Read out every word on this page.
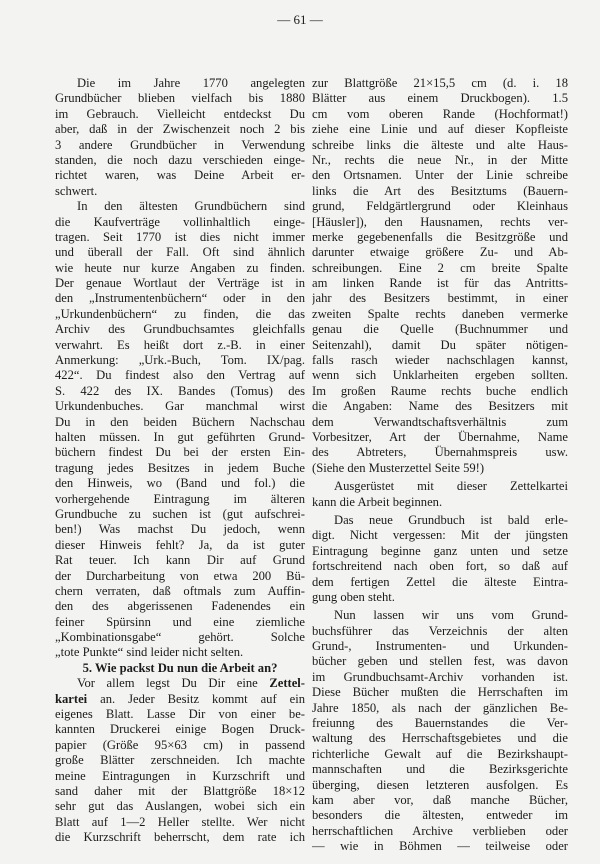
— 61 —
Die im Jahre 1770 angelegten
Grundbücher blieben vielfach bis 1880
im Gebrauch. Vielleicht entdeckst Du
aber, daß in der Zwischenzeit noch 2 bis
3 andere Grundbücher in Verwendung
standen, die noch dazu verschieden einge-
richtet waren, was Deine Arbeit er-
schwert.
In den ältesten Grundbüchern sind
die Kaufverträge vollinhaltlich einge-
tragen. Seit 1770 ist dies nicht immer
und überall der Fall. Oft sind ähnlich
wie heute nur kurze Angaben zu finden.
Der genaue Wortlaut der Verträge ist in
den „Instrumentenbüchern“ oder in den
„Urkundenbüchern“ zu finden, die das
Archiv des Grundbuchsamtes gleichfalls
verwahrt. Es heißt dort z.-B. in einer
Anmerkung: „Urk.-Buch, Tom. IX/pag.
422“. Du findest also den Vertrag auf
S. 422 des IX. Bandes (Tomus) des
Urkundenbuches. Gar manchmal wirst
Du in den beiden Büchern Nachschau
halten müssen. In gut geführten Grund-
büchern findest Du bei der ersten Ein-
tragung jedes Besitzes in jedem Buche
den Hinweis, wo (Band und fol.) die
vorhergehende Eintragung im älteren
Grundbuche zu suchen ist (gut aufschrei-
ben!) Was machst Du jedoch, wenn
dieser Hinweis fehlt? Ja, da ist guter
Rat teuer. Ich kann Dir auf Grund
der Durcharbeitung von etwa 200 Bü-
chern verraten, daß oftmals zum Auffin-
den des abgerissenen Fadenendes ein
feiner Spürsinn und eine ziemliche
„Kombinationsgabe“ gehört. Solche
„tote Punkte“ sind leider nicht selten.
5. Wie packst Du nun die Arbeit an?
Vor allem legst Du Dir eine Zettel-
kartei an. Jeder Besitz kommt auf ein
eigenes Blatt. Lasse Dir von einer be-
kannten Druckerei einige Bogen Druck-
papier (Größe 95×63 cm) in passend
große Blätter zerschneiden. Ich machte
meine Eintragungen in Kurzschrift und
sand daher mit der Blattgröße 18×12
sehr gut das Auslangen, wobei sich ein
Blatt auf 1—2 Heller stellte. Wer nicht
die Kurzschrift beherrscht, dem rate ich
zur Blattgröße 21×15,5 cm (d. i. 18
Blätter aus einem Druckbogen). 1.5
cm vom oberen Rande (Hochformat!)
ziehe eine Linie und auf dieser Kopfleiste
schreibe links die älteste und alte Haus-
Nr., rechts die neue Nr., in der Mitte
den Ortsnamen. Unter der Linie schreibe
links die Art des Besitztums (Bauern-
grund, Feldgärtlergrund oder Kleinhaus
[Häusler]), den Hausnamen, rechts ver-
merke gegebenenfalls die Besitzgröße und
darunter etwaige größere Zu- und Ab-
schreibungen. Eine 2 cm breite Spalte
am linken Rande ist für das Antritts-
jahr des Besitzers bestimmt, in einer
zweiten Spalte rechts daneben vermerke
genau die Quelle (Buchnummer und
Seitenzahl), damit Du später nötigen-
falls rasch wieder nachschlagen kannst,
wenn sich Unklarheiten ergeben sollten.
Im großen Raume rechts buche endlich
die Angaben: Name des Besitzers mit
dem Verwandtschaftsverhältnis zum
Vorbesitzer, Art der Übernahme, Name
des Abtreters, Übernahmspreis usw.
(Siehe den Musterzettel Seite 59!)
Ausgerüstet mit dieser Zettelkartei
kann die Arbeit beginnen.
Das neue Grundbuch ist bald erle-
digt. Nicht vergessen: Mit der jüngsten
Eintragung beginne ganz unten und setze
fortschreitend nach oben fort, so daß auf
dem fertigen Zettel die älteste Eintra-
gung oben steht.
Nun lassen wir uns vom Grund-
buchsführer das Verzeichnis der alten
Grund-, Instrumenten- und Urkunden-
bücher geben und stellen fest, was davon
im Grundbuchsamt-Archiv vorhanden ist.
Diese Bücher mußten die Herrschaften im
Jahre 1850, als nach der gänzlichen Be-
freiunng des Bauernstandes die Ver-
waltung des Herrschaftsgebietes und die
richterliche Gewalt auf die Bezirkshaupt-
mannschaften und die Bezirksgerichte
überging, diesen letzteren ausfolgen. Es
kam aber vor, daß manche Bücher,
besonders die ältesten, entweder im
herrschaftlichen Archive verblieben oder
— wie in Böhmen — teilweise oder
